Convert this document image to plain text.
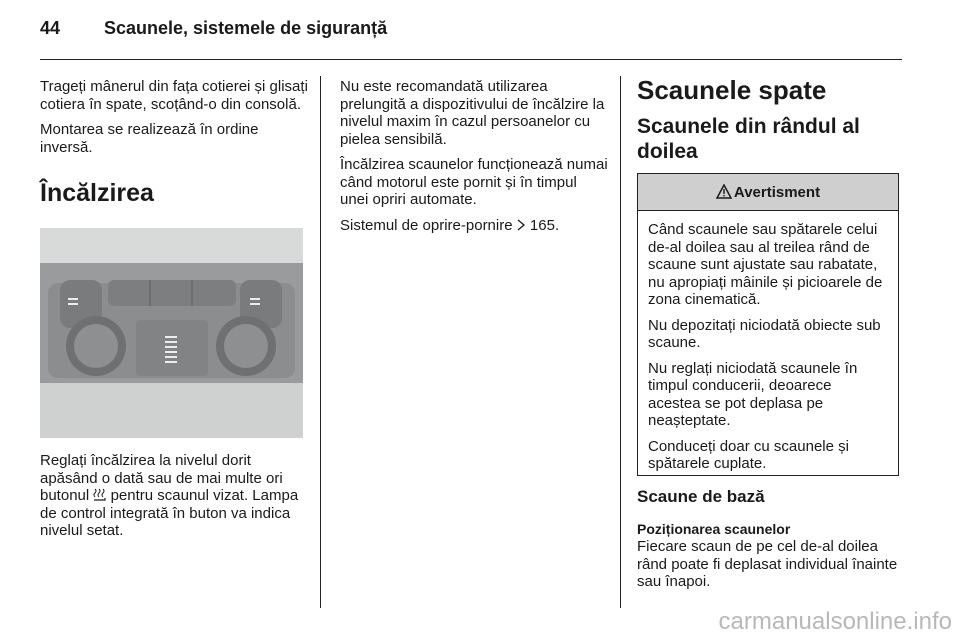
44 Scaunele, sistemele de siguranță

Trageți mânerul din fața cotierei și glisați cotiera în spate, scoțând-o din consolă.

Montarea se realizează în ordine inversă.

Încălzirea

Reglați încălzirea la nivelul dorit apăsând o dată sau de mai multe ori butonul pentru scaunul vizat. Lampa de control integrată în buton va indica nivelul setat.

Nu este recomandată utilizarea prelungită a dispozitivului de încălzire la nivelul maxim în cazul persoanelor cu pielea sensibilă.

Încălzirea scaunelor funcționează numai când motorul este pornit și în timpul unei opriri automate.

Sistemul de oprire-pornire 165.

Scaunele spate
Scaunele din rândul al doilea
Avertisment

Când scaunele sau spătarele celui de-al doilea sau al treilea rând de scaune sunt ajustate sau rabatate, nu apropiați mâinile și picioarele de zona cinematică.

Nu depozitați niciodată obiecte sub scaune.

Nu reglați niciodată scaunele în timpul conducerii, deoarece acestea se pot deplasa pe neașteptate.

Conduceți doar cu scaunele și spătarele cuplate.

Scaune de bază
Poziționarea scaunelor

Fiecare scaun de pe cel de-al doilea rând poate fi deplasat individual înainte sau înapoi.

carmanualsonline.info
